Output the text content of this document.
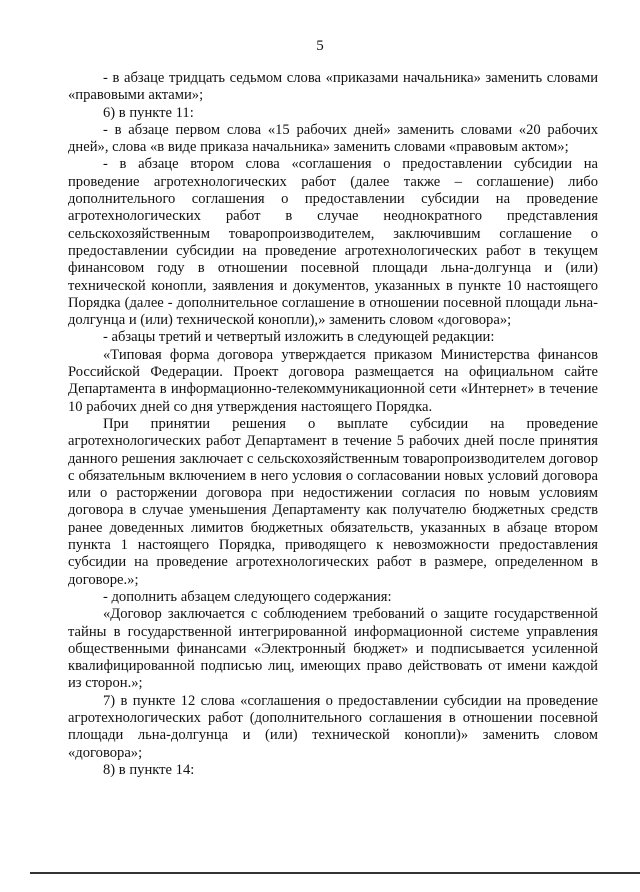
5

- в абзаце тридцать седьмом слова «приказами начальника» заменить словами «правовыми актами»;

6) в пункте 11:

- в абзаце первом слова «15 рабочих дней» заменить словами «20 рабочих дней», слова «в виде приказа начальника» заменить словами «правовым актом»;

- в абзаце втором слова «соглашения о предоставлении субсидии на проведение агротехнологических работ (далее также – соглашение) либо дополнительного соглашения о предоставлении субсидии на проведение агротехнологических работ в случае неоднократного представления сельскохозяйственным товаропроизводителем, заключившим соглашение о предоставлении субсидии на проведение агротехнологических работ в текущем финансовом году в отношении посевной площади льна-долгунца и (или) технической конопли, заявления и документов, указанных в пункте 10 настоящего Порядка (далее - дополнительное соглашение в отношении посевной площади льна-долгунца и (или) технической конопли),» заменить словом «договора»;

- абзацы третий и четвертый изложить в следующей редакции:

«Типовая форма договора утверждается приказом Министерства финансов Российской Федерации. Проект договора размещается на официальном сайте Департамента в информационно-телекоммуникационной сети «Интернет» в течение 10 рабочих дней со дня утверждения настоящего Порядка.

При принятии решения о выплате субсидии на проведение агротехнологических работ Департамент в течение 5 рабочих дней после принятия данного решения заключает с сельскохозяйственным товаропроизводителем договор с обязательным включением в него условия о согласовании новых условий договора или о расторжении договора при недостижении согласия по новым условиям договора в случае уменьшения Департаменту как получателю бюджетных средств ранее доведенных лимитов бюджетных обязательств, указанных в абзаце втором пункта 1 настоящего Порядка, приводящего к невозможности предоставления субсидии на проведение агротехнологических работ в размере, определенном в договоре.»;

- дополнить абзацем следующего содержания:

«Договор заключается с соблюдением требований о защите государственной тайны в государственной интегрированной информационной системе управления общественными финансами «Электронный бюджет» и подписывается усиленной квалифицированной подписью лиц, имеющих право действовать от имени каждой из сторон.»;

7) в пункте 12 слова «соглашения о предоставлении субсидии на проведение агротехнологических работ (дополнительного соглашения в отношении посевной площади льна-долгунца и (или) технической конопли)» заменить словом «договора»;

8) в пункте 14:
